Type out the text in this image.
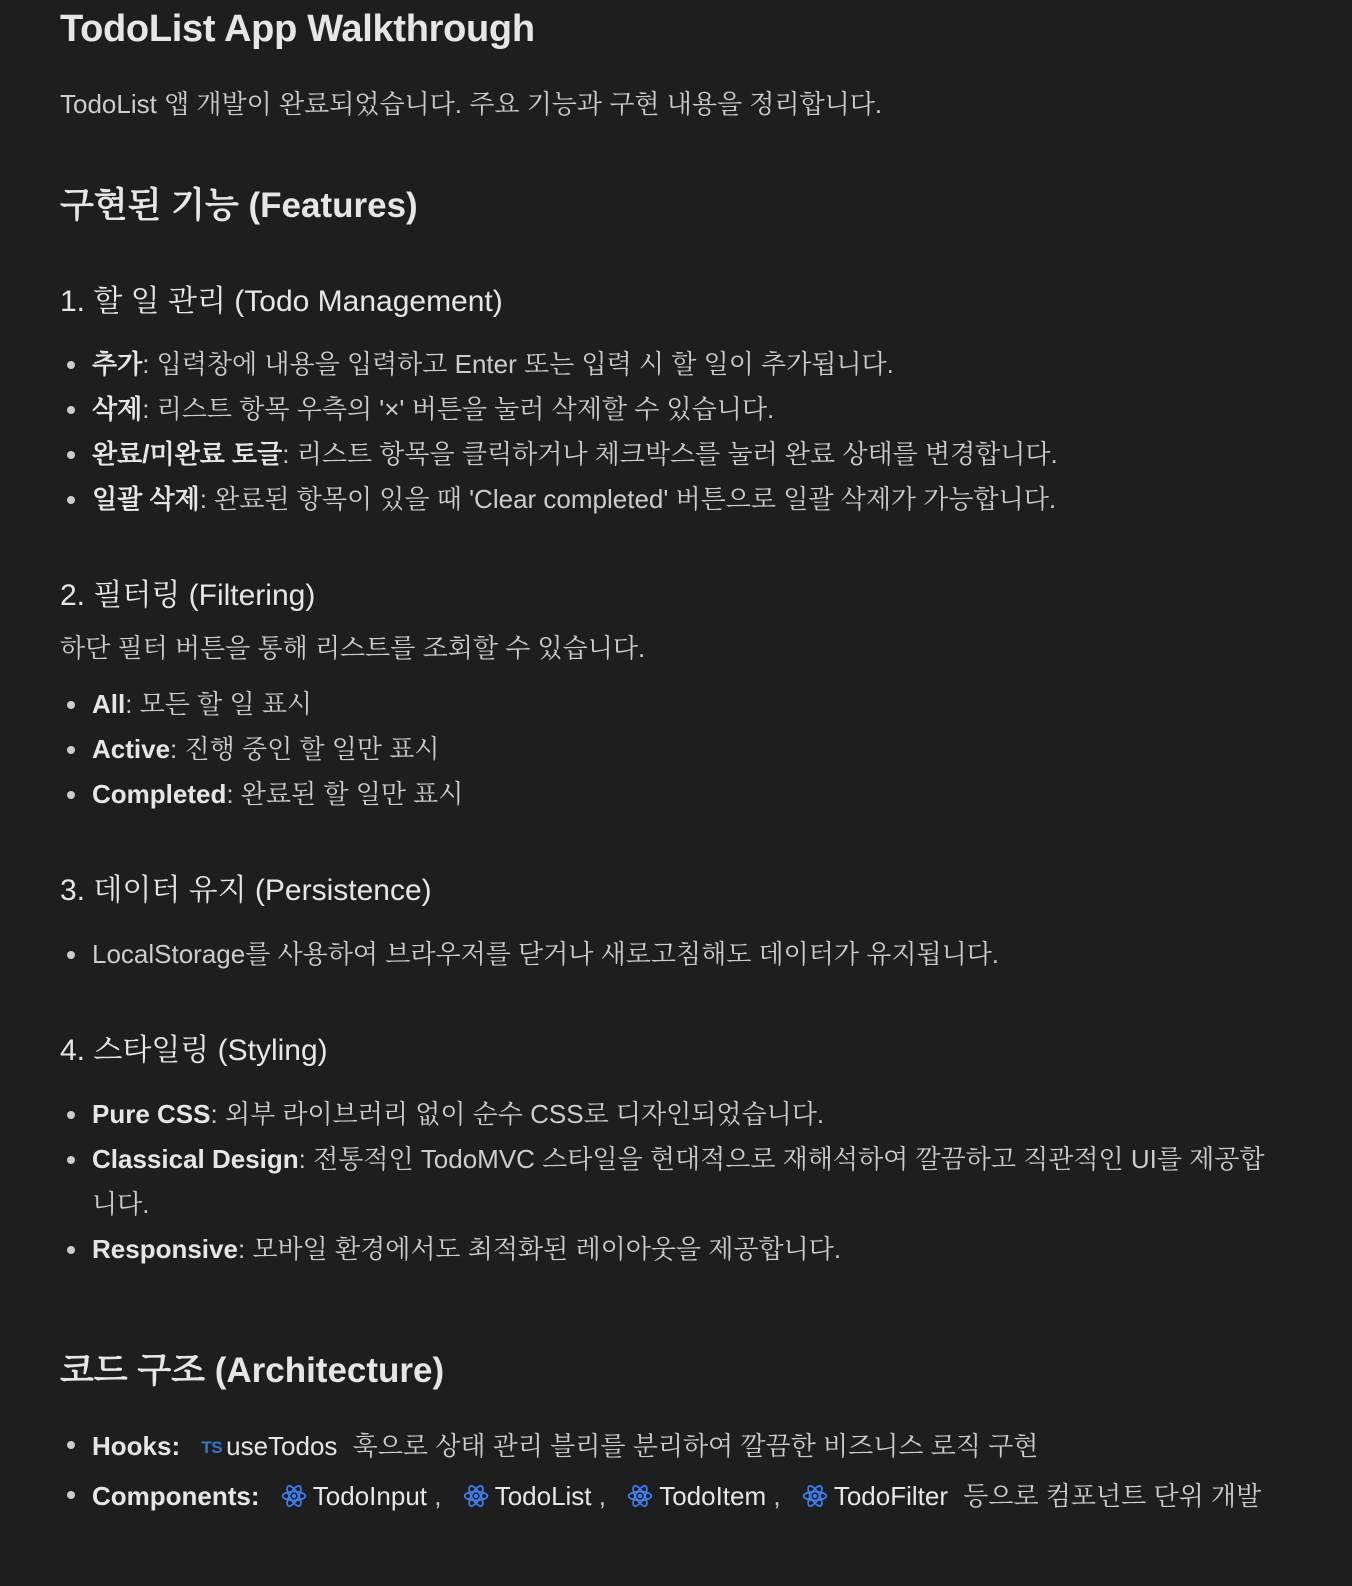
TodoList App Walkthrough

TodoList 앱 개발이 완료되었습니다. 주요 기능과 구현 내용을 정리합니다.

구현된 기능 (Features)
1. 할 일 관리 (Todo Management)
추가: 입력창에 내용을 입력하고 Enter 또는 입력 시 할 일이 추가됩니다.
삭제: 리스트 항목 우측의 '×' 버튼을 눌러 삭제할 수 있습니다.
완료/미완료 토글: 리스트 항목을 클릭하거나 체크박스를 눌러 완료 상태를 변경합니다.
일괄 삭제: 완료된 항목이 있을 때 'Clear completed' 버튼으로 일괄 삭제가 가능합니다.
2. 필터링 (Filtering)

하단 필터 버튼을 통해 리스트를 조회할 수 있습니다.

All: 모든 할 일 표시
Active: 진행 중인 할 일만 표시
Completed: 완료된 할 일만 표시
3. 데이터 유지 (Persistence)
LocalStorage를 사용하여 브라우저를 닫거나 새로고침해도 데이터가 유지됩니다.
4. 스타일링 (Styling)
Pure CSS: 외부 라이브러리 없이 순수 CSS로 디자인되었습니다.
Classical Design: 전통적인 TodoMVC 스타일을 현대적으로 재해석하여 깔끔하고 직관적인 UI를 제공합니다.
Responsive: 모바일 환경에서도 최적화된 레이아웃을 제공합니다.
코드 구조 (Architecture)
Hooks: TS useTodos 훅으로 상태 관리 블리를 분리하여 깔끔한 비즈니스 로직 구현
Components: TodoInput , TodoList , TodoItem , TodoFilter 등으로 컴포넌트 단위 개발
